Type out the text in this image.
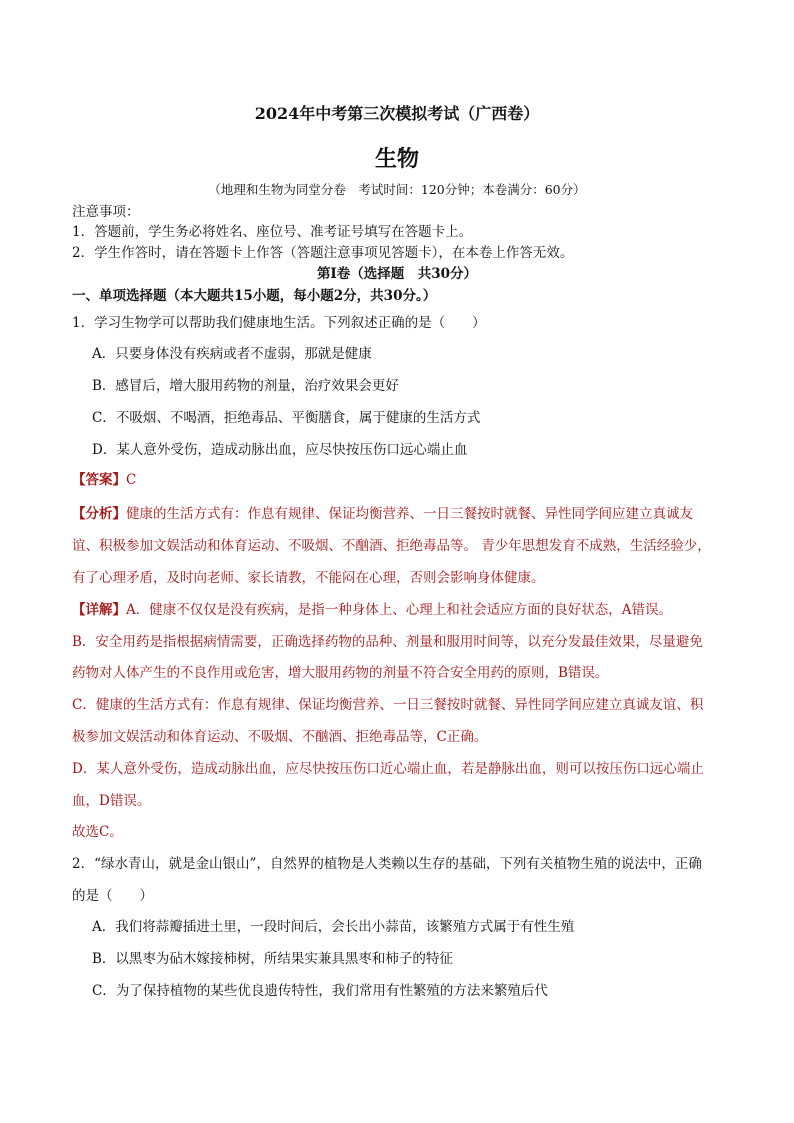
2024年中考第三次模拟考试（广西卷）
生物
（地理和生物为同堂分卷　考试时间：120分钟；本卷满分：60分）
注意事项：
1．答题前，学生务必将姓名、座位号、准考证号填写在答题卡上。
2．学生作答时，请在答题卡上作答（答题注意事项见答题卡），在本卷上作答无效。
第Ⅰ卷（选择题　共30分）
一、单项选择题（本大题共15小题，每小题2分，共30分。）
1．学习生物学可以帮助我们健康地生活。下列叙述正确的是（　　）
A．只要身体没有疾病或者不虚弱，那就是健康
B．感冒后，增大服用药物的剂量，治疗效果会更好
C．不吸烟、不喝酒，拒绝毒品、平衡膳食，属于健康的生活方式
D．某人意外受伤，造成动脉出血，应尽快按压伤口远心端止血
【答案】C
【分析】健康的生活方式有：作息有规律、保证均衡营养、一日三餐按时就餐、异性同学间应建立真诚友
谊、积极参加文娱活动和体育运动、不吸烟、不酗酒、拒绝毒品等。 青少年思想发育不成熟，生活经验少，
有了心理矛盾，及时向老师、家长请教，不能闷在心理，否则会影响身体健康。
【详解】A．健康不仅仅是没有疾病，是指一种身体上、心理上和社会适应方面的良好状态，A错误。
B．安全用药是指根据病情需要，正确选择药物的品种、剂量和服用时间等，以充分发最佳效果，尽量避免
药物对人体产生的不良作用或危害，增大服用药物的剂量不符合安全用药的原则，B错误。
C．健康的生活方式有：作息有规律、保证均衡营养、一日三餐按时就餐、异性同学间应建立真诚友谊、积
极参加文娱活动和体育运动、不吸烟、不酗酒、拒绝毒品等，C正确。
D．某人意外受伤，造成动脉出血，应尽快按压伤口近心端止血，若是静脉出血，则可以按压伤口远心端止
血，D错误。
故选C。
2．“绿水青山，就是金山银山”，自然界的植物是人类赖以生存的基础，下列有关植物生殖的说法中，正确
的是（　　）
A．我们将蒜瓣插进土里，一段时间后，会长出小蒜苗，该繁殖方式属于有性生殖
B．以黑枣为砧木嫁接柿树，所结果实兼具黑枣和柿子的特征
C．为了保持植物的某些优良遗传特性，我们常用有性繁殖的方法来繁殖后代
